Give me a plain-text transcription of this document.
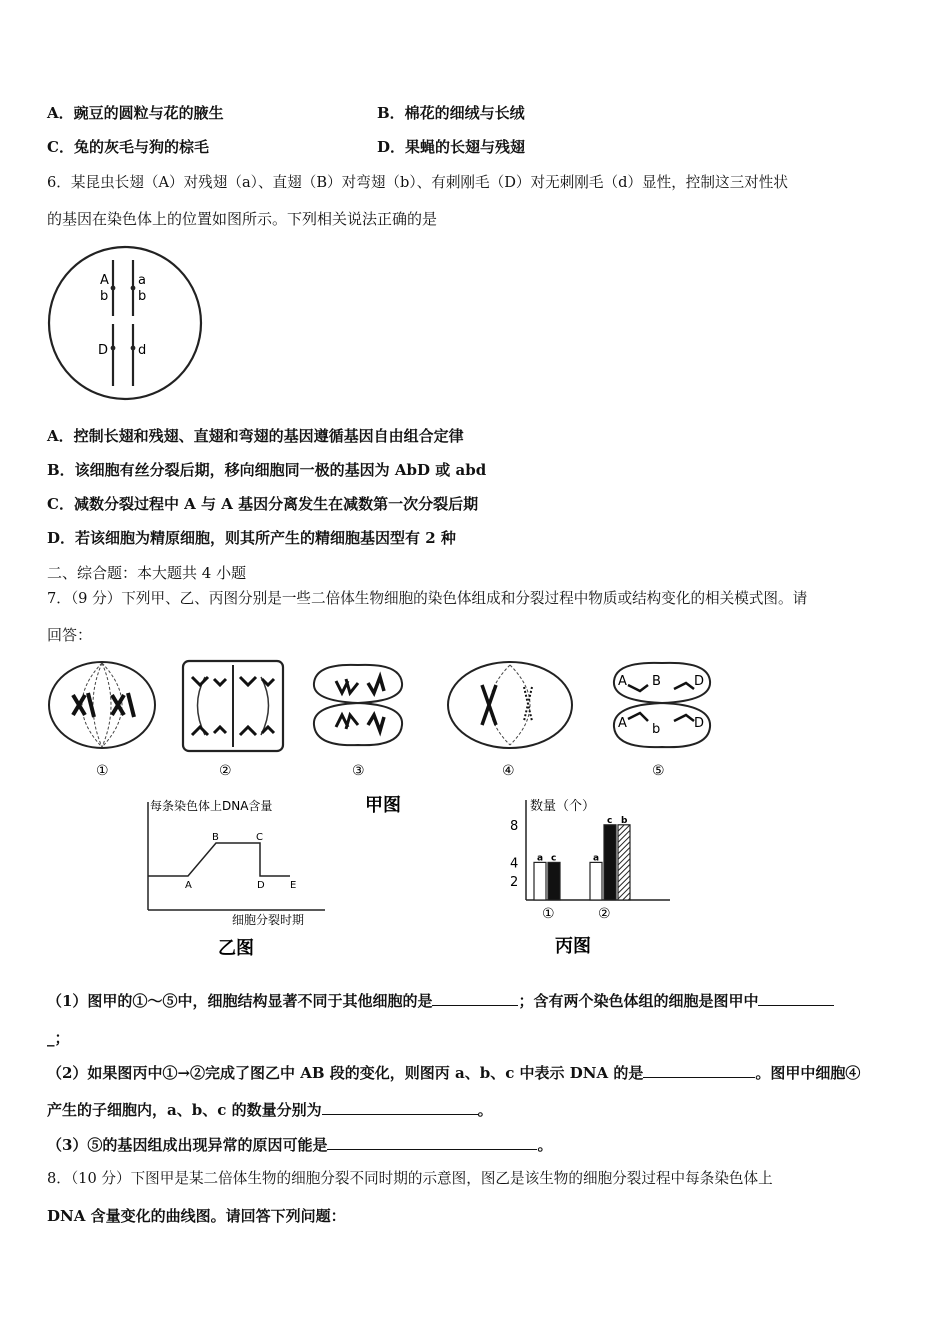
A．豌豆的圆粒与花的腋生	B．棉花的细绒与长绒
C．兔的灰毛与狗的棕毛	D．果蝇的长翅与残翅
6．某昆虫长翅（A）对残翅（a）、直翅（B）对弯翅（b）、有刺刚毛（D）对无刺刚毛（d）显性，控制这三对性状
的基因在染色体上的位置如图所示。下列相关说法正确的是
A a
b b
D d
A．控制长翅和残翅、直翅和弯翅的基因遵循基因自由组合定律
B．该细胞有丝分裂后期，移向细胞同一极的基因为 AbD 或 abd
C．减数分裂过程中 A 与 A 基因分离发生在减数第一次分裂后期
D．若该细胞为精原细胞，则其所产生的精细胞基因型有 2 种
二、综合题：本大题共 4 小题
7．（9 分）下列甲、乙、丙图分别是一些二倍体生物细胞的染色体组成和分裂过程中物质或结构变化的相关模式图。请
回答：
①	②	③	④
A B	D
A b	D
⑤
甲图
每条染色体上DNA含量
A
B	C
D	E
细胞分裂时期
乙图
数量（个）
2
4
8
a c
①
a
c b
②
丙图
（1）图甲的①～⑤中，细胞结构显著不同于其他细胞的是	；含有两个染色体组的细胞是图甲中
_；
（2）如果图丙中①→②完成了图乙中 AB 段的变化，则图丙 a、b、c 中表示 DNA 的是	。图甲中细胞④
产生的子细胞内，a、b、c 的数量分别为	。
（3）⑤的基因组成出现异常的原因可能是	。
8．（10 分）下图甲是某二倍体生物的细胞分裂不同时期的示意图，图乙是该生物的细胞分裂过程中每条染色体上
DNA 含量变化的曲线图。请回答下列问题：
